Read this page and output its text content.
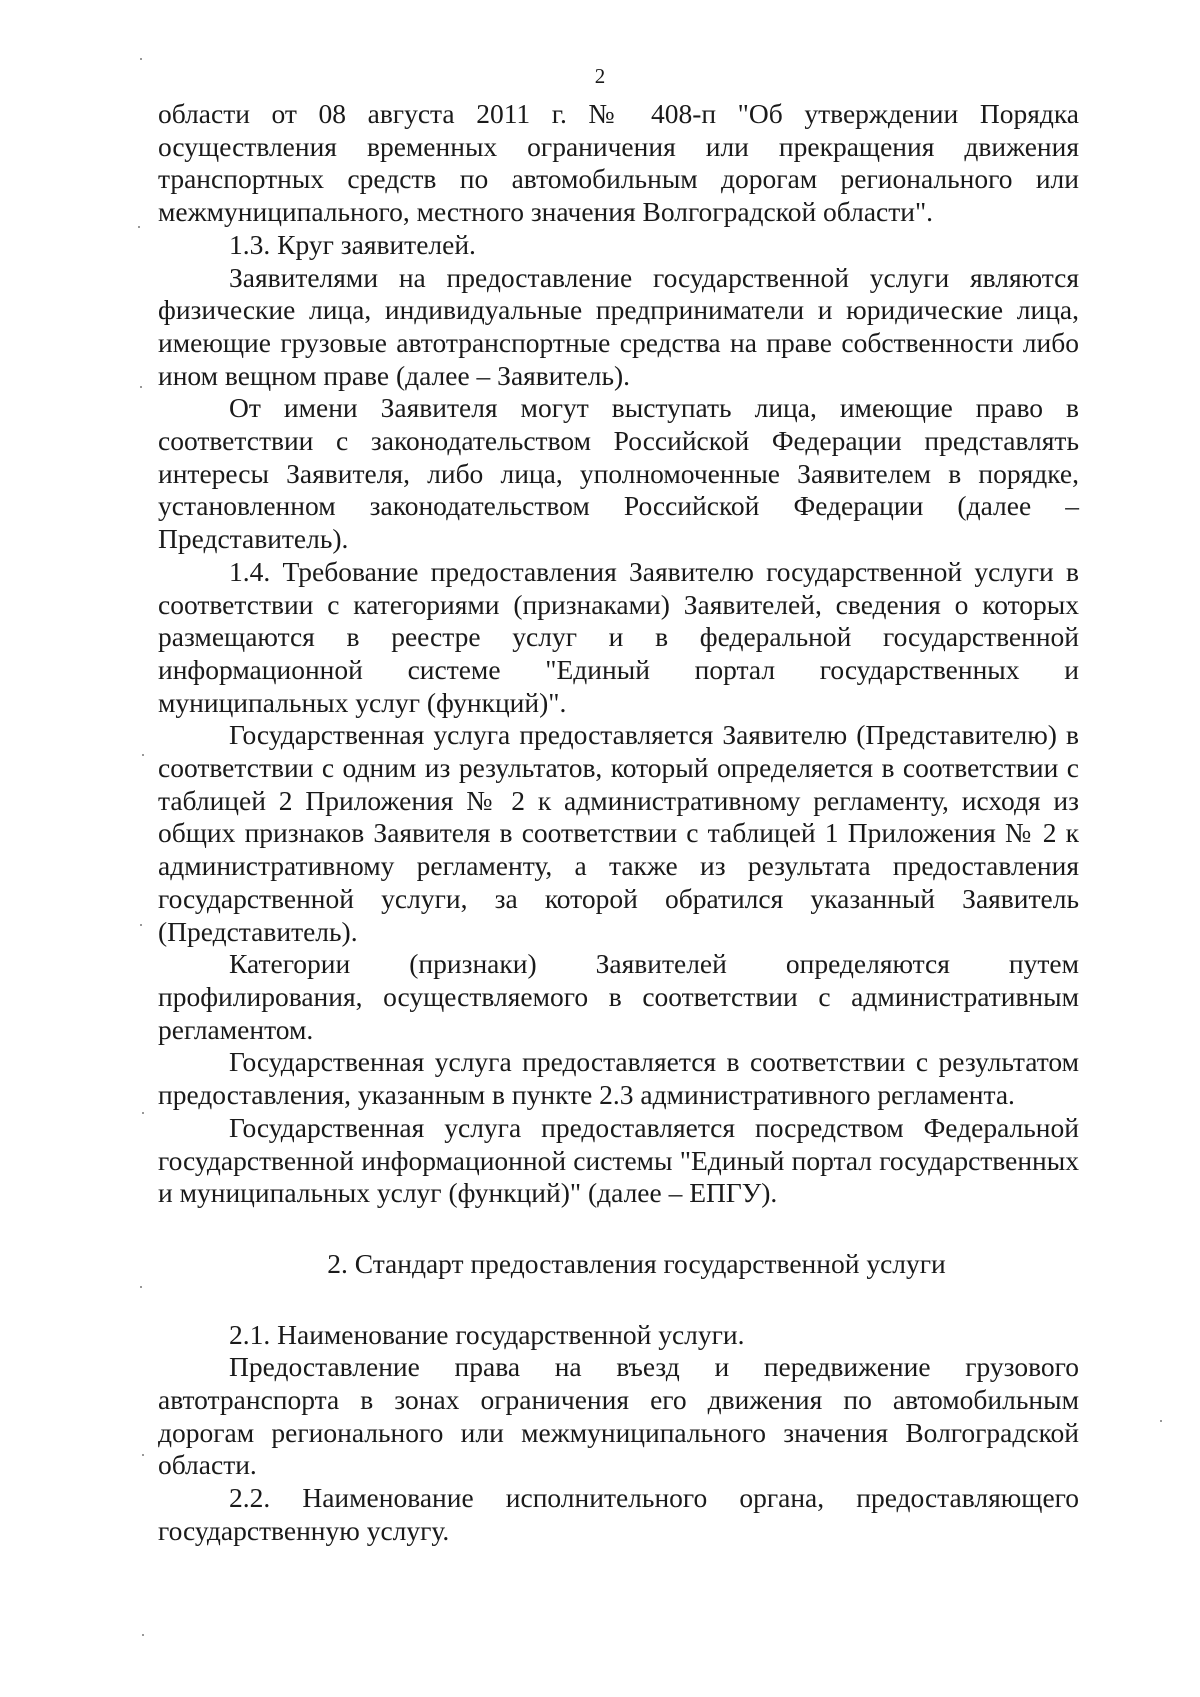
2

области от 08 августа 2011 г. № 408-п "Об утверждении Порядка осуществления временных ограничения или прекращения движения транспортных средств по автомобильным дорогам регионального или межмуниципального, местного значения Волгоградской области".

1.3. Круг заявителей.

Заявителями на предоставление государственной услуги являются физические лица, индивидуальные предприниматели и юридические лица, имеющие грузовые автотранспортные средства на праве собственности либо ином вещном праве (далее – Заявитель).

От имени Заявителя могут выступать лица, имеющие право в соответствии с законодательством Российской Федерации представлять интересы Заявителя, либо лица, уполномоченные Заявителем в порядке, установленном законодательством Российской Федерации (далее – Представитель).

1.4. Требование предоставления Заявителю государственной услуги в соответствии с категориями (признаками) Заявителей, сведения о которых размещаются в реестре услуг и в федеральной государственной информационной системе "Единый портал государственных и муниципальных услуг (функций)".

Государственная услуга предоставляется Заявителю (Представителю) в соответствии с одним из результатов, который определяется в соответствии с таблицей 2 Приложения № 2 к административному регламенту, исходя из общих признаков Заявителя в соответствии с таблицей 1 Приложения № 2 к административному регламенту, а также из результата предоставления государственной услуги, за которой обратился указанный Заявитель (Представитель).

Категории (признаки) Заявителей определяются путем профилирования, осуществляемого в соответствии с административным регламентом.

Государственная услуга предоставляется в соответствии с результатом предоставления, указанным в пункте 2.3 административного регламента.

Государственная услуга предоставляется посредством Федеральной государственной информационной системы "Единый портал государственных и муниципальных услуг (функций)" (далее – ЕПГУ).

2. Стандарт предоставления государственной услуги

2.1. Наименование государственной услуги.

Предоставление права на въезд и передвижение грузового автотранспорта в зонах ограничения его движения по автомобильным дорогам регионального или межмуниципального значения Волгоградской области.

2.2. Наименование исполнительного органа, предоставляющего государственную услугу.
